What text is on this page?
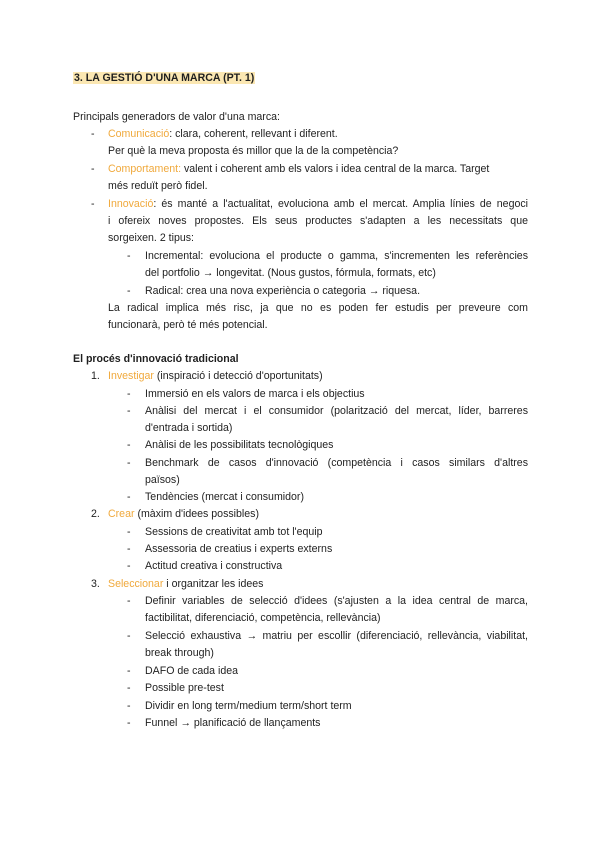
3. LA GESTIÓ D'UNA MARCA (PT. 1)
Principals generadors de valor d'una marca:
- Comunicació: clara, coherent, rellevant i diferent.
Per què la meva proposta és millor que la de la competència?
- Comportament: valent i coherent amb els valors i idea central de la marca. Target
més reduït però fidel.
- Innovació: és manté a l'actualitat, evoluciona amb el mercat. Amplia línies de negoci
i ofereix noves propostes. Els seus productes s'adapten a les necessitats que
sorgeixen. 2 tipus:
- Incremental: evoluciona el producte o gamma, s'incrementen les referències
del portfolio → longevitat. (Nous gustos, fórmula, formats, etc)
- Radical: crea una nova experiència o categoria → riquesa.
La radical implica més risc, ja que no es poden fer estudis per preveure com
funcionarà, però té més potencial.
El procés d'innovació tradicional
1. Investigar (inspiració i detecció d'oportunitats)
- Immersió en els valors de marca i els objectius
- Anàlisi del mercat i el consumidor (polarització del mercat, líder, barreres
d'entrada i sortida)
- Anàlisi de les possibilitats tecnològiques
- Benchmark de casos d'innovació (competència i casos similars d'altres
països)
- Tendències (mercat i consumidor)
2. Crear (màxim d'idees possibles)
- Sessions de creativitat amb tot l'equip
- Assessoria de creatius i experts externs
- Actitud creativa i constructiva
3. Seleccionar i organitzar les idees
- Definir variables de selecció d'idees (s'ajusten a la idea central de marca,
factibilitat, diferenciació, competència, rellevància)
- Selecció exhaustiva → matriu per escollir (diferenciació, rellevància, viabilitat,
break through)
- DAFO de cada idea
- Possible pre-test
- Dividir en long term/medium term/short term
- Funnel → planificació de llançaments
